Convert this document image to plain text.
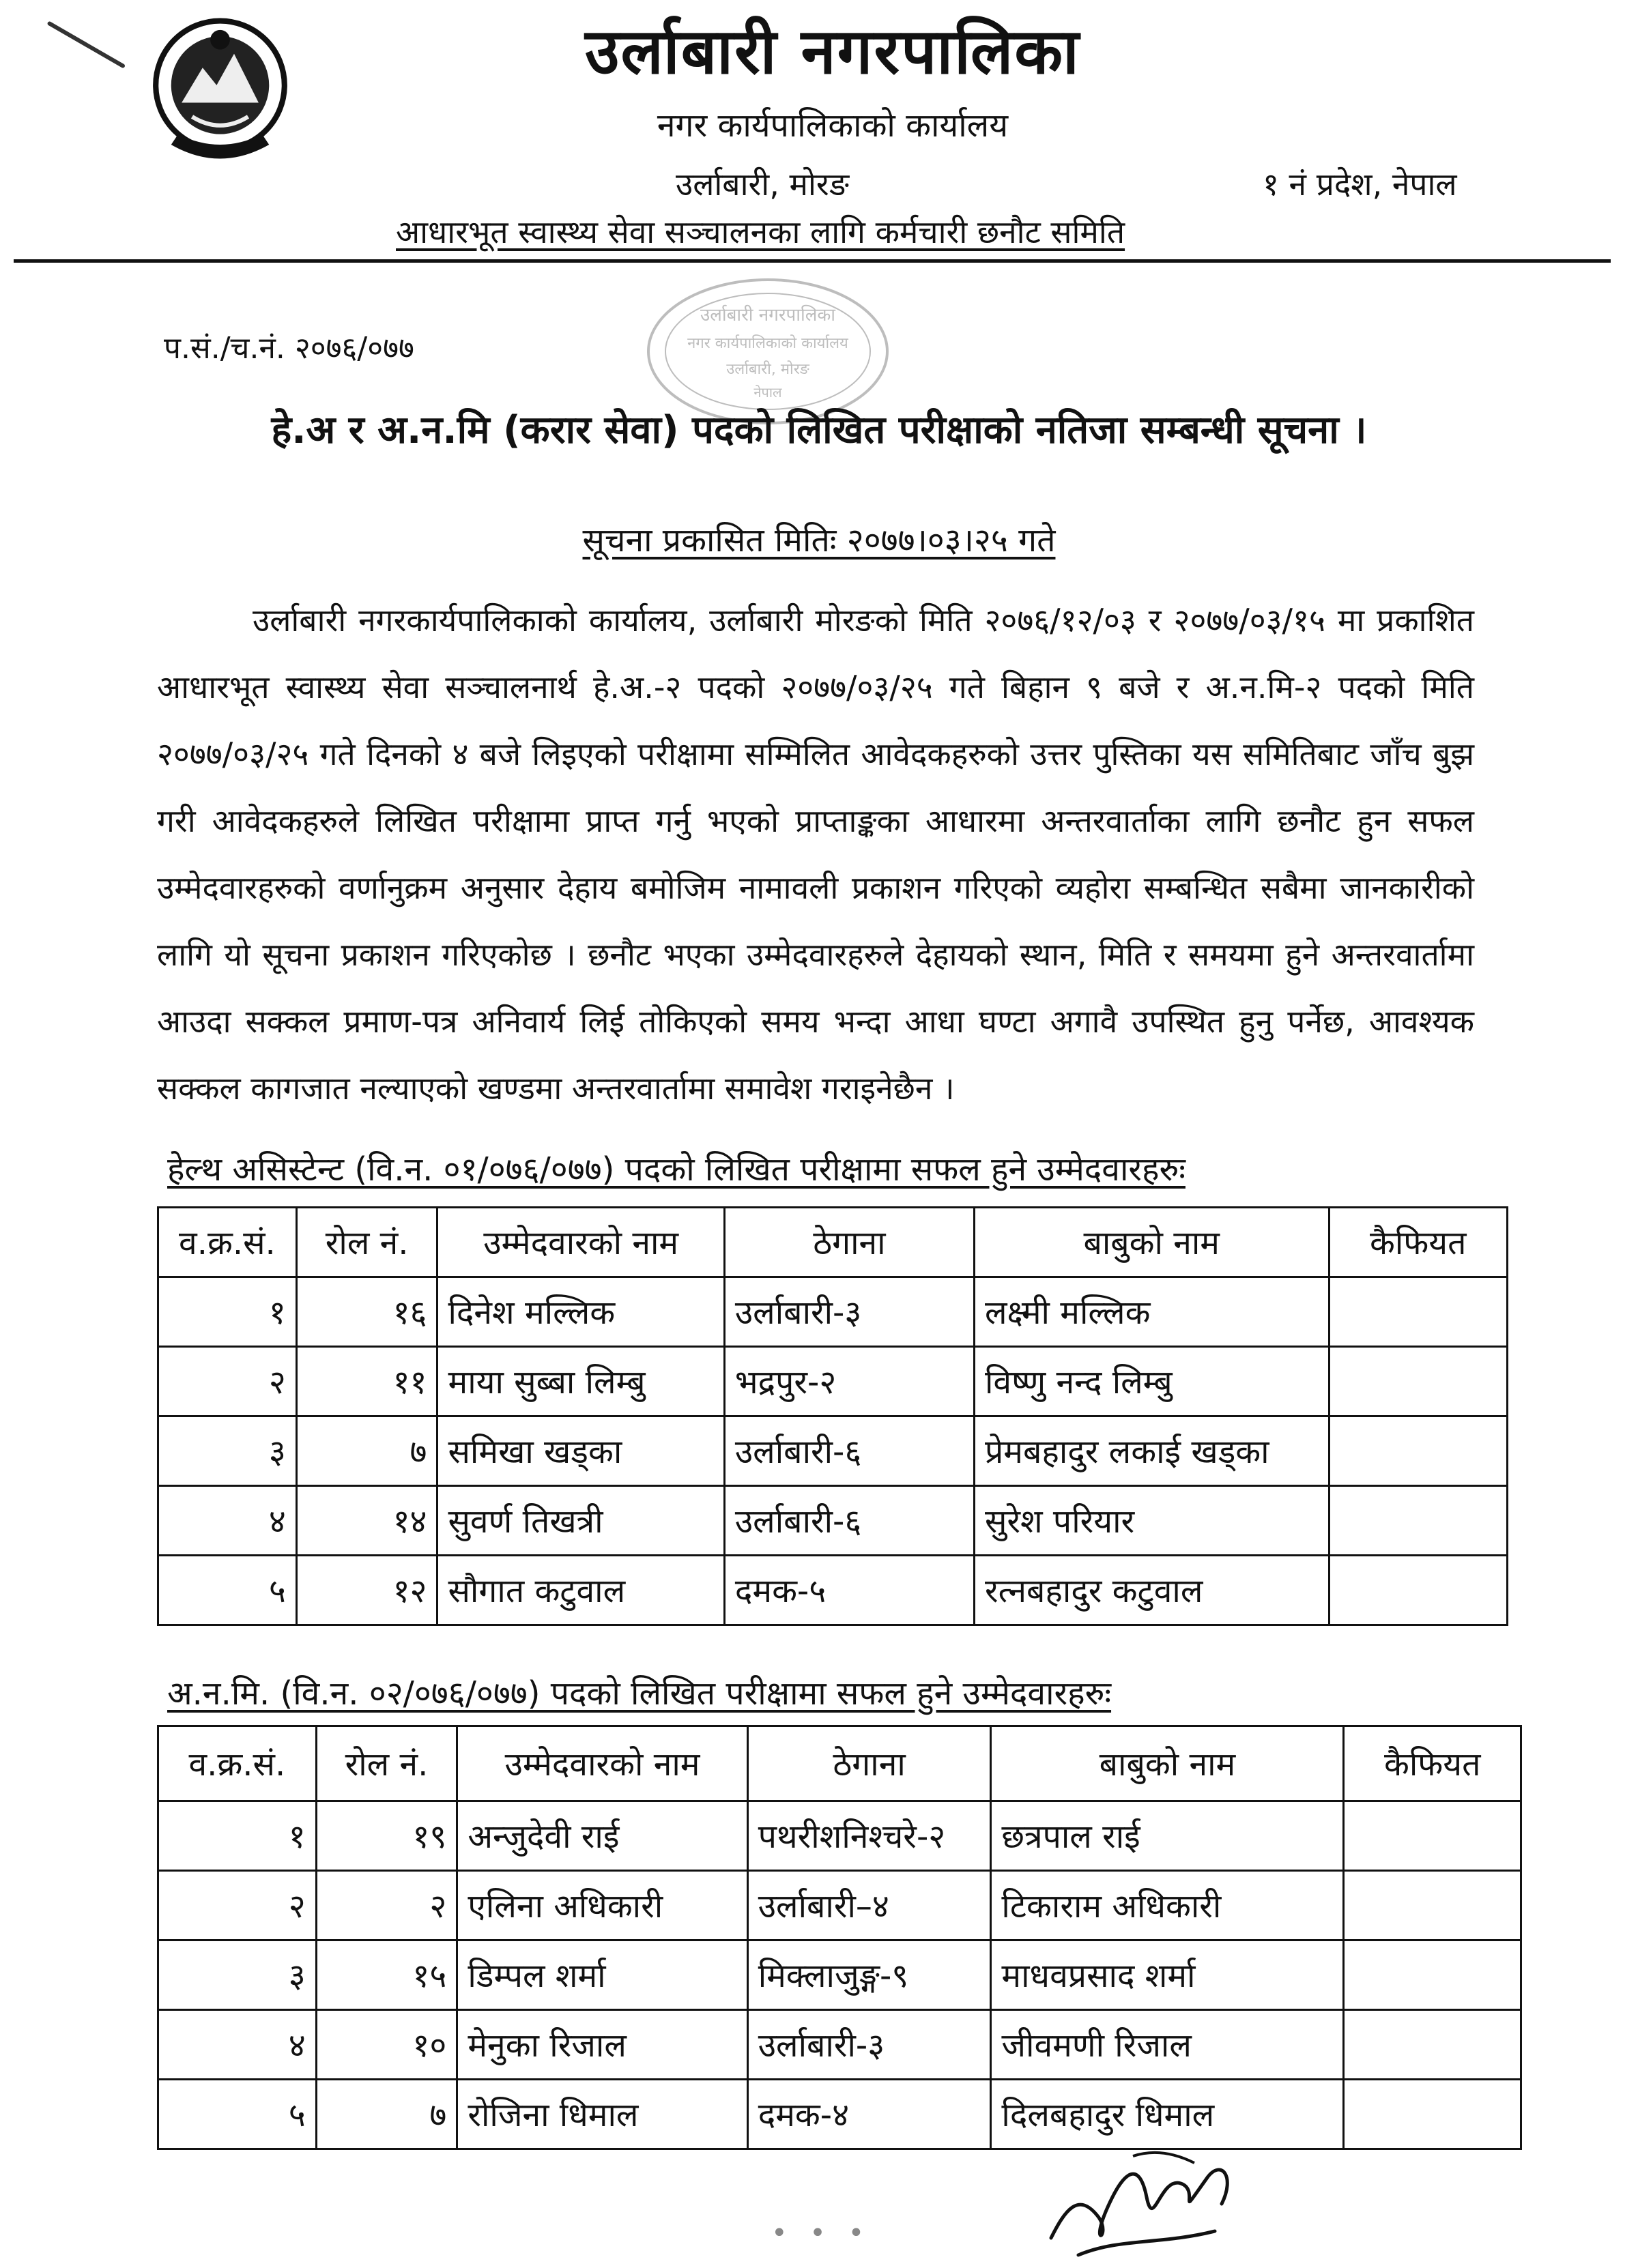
उर्लाबारी नगरपालिका
नगर कार्यपालिकाको कार्यालय
उर्लाबारी, मोरङ	१ नं प्रदेश, नेपाल
आधारभूत स्वास्थ्य सेवा सञ्चालनका लागि कर्मचारी छनौट समिति
उर्लाबारी नगरपालिका
नगर कार्यपालिकाको कार्यालय
उर्लाबारी, मोरङ
नेपाल
प.सं./च.नं. २०७६/०७७
हे.अ र अ.न.मि (करार सेवा) पदको लिखित परीक्षाको नतिजा सम्बन्धी सूचना ।
सूचना प्रकासित मितिः २०७७।०३।२५ गते
उर्लाबारी नगरकार्यपालिकाको कार्यालय, उर्लाबारी मोरङको मिति २०७६/१२/०३ र २०७७/०३/१५ मा प्रकाशित आधारभूत स्वास्थ्य सेवा सञ्चालनार्थ हे.अ.-२ पदको २०७७/०३/२५ गते बिहान ९ बजे र अ.न.मि-२ पदको मिति २०७७/०३/२५ गते दिनको ४ बजे लिइएको परीक्षामा सम्मिलित आवेदकहरुको उत्तर पुस्तिका यस समितिबाट जाँच बुझ गरी आवेदकहरुले लिखित परीक्षामा प्राप्त गर्नु भएको प्राप्ताङ्कका आधारमा अन्तरवार्ताका लागि छनौट हुन सफल उम्मेदवारहरुको वर्णानुक्रम अनुसार देहाय बमोजिम नामावली प्रकाशन गरिएको व्यहोरा सम्बन्धित सबैमा जानकारीको लागि यो सूचना प्रकाशन गरिएकोछ । छनौट भएका उम्मेदवारहरुले देहायको स्थान, मिति र समयमा हुने अन्तरवार्तामा आउदा सक्कल प्रमाण-पत्र अनिवार्य लिई तोकिएको समय भन्दा आधा घण्टा अगावै उपस्थित हुनु पर्नेछ, आवश्यक सक्कल कागजात नल्याएको खण्डमा अन्तरवार्तामा समावेश गराइनेछैन ।
हेल्थ असिस्टेन्ट (वि.न. ०१/०७६/०७७) पदको लिखित परीक्षामा सफल हुने उम्मेदवारहरुः
व.क्र.सं.	रोल नं.	उम्मेदवारको नाम	ठेगाना	बाबुको नाम	कैफियत
१	१६	दिनेश मल्लिक	उर्लाबारी-३	लक्ष्मी मल्लिक	
२	११	माया सुब्बा लिम्बु	भद्रपुर-२	विष्णु नन्द लिम्बु	
३	७	समिखा खड्का	उर्लाबारी-६	प्रेमबहादुर लकाई खड्का	
४	१४	सुवर्ण तिखत्री	उर्लाबारी-६	सुरेश परियार	
५	१२	सौगात कटुवाल	दमक-५	रत्नबहादुर कटुवाल	
अ.न.मि. (वि.न. ०२/०७६/०७७) पदको लिखित परीक्षामा सफल हुने उम्मेदवारहरुः
व.क्र.सं.	रोल नं.	उम्मेदवारको नाम	ठेगाना	बाबुको नाम	कैफियत
१	१९	अन्जुदेवी राई	पथरीशनिश्चरे-२	छत्रपाल राई	
२	२	एलिना अधिकारी	उर्लाबारी–४	टिकाराम अधिकारी	
३	१५	डिम्पल शर्मा	मिक्लाजुङ्ग-९	माधवप्रसाद शर्मा	
४	१०	मेनुका रिजाल	उर्लाबारी-३	जीवमणी रिजाल	
५	७	रोजिना धिमाल	दमक-४	दिलबहादुर धिमाल	
• • •
